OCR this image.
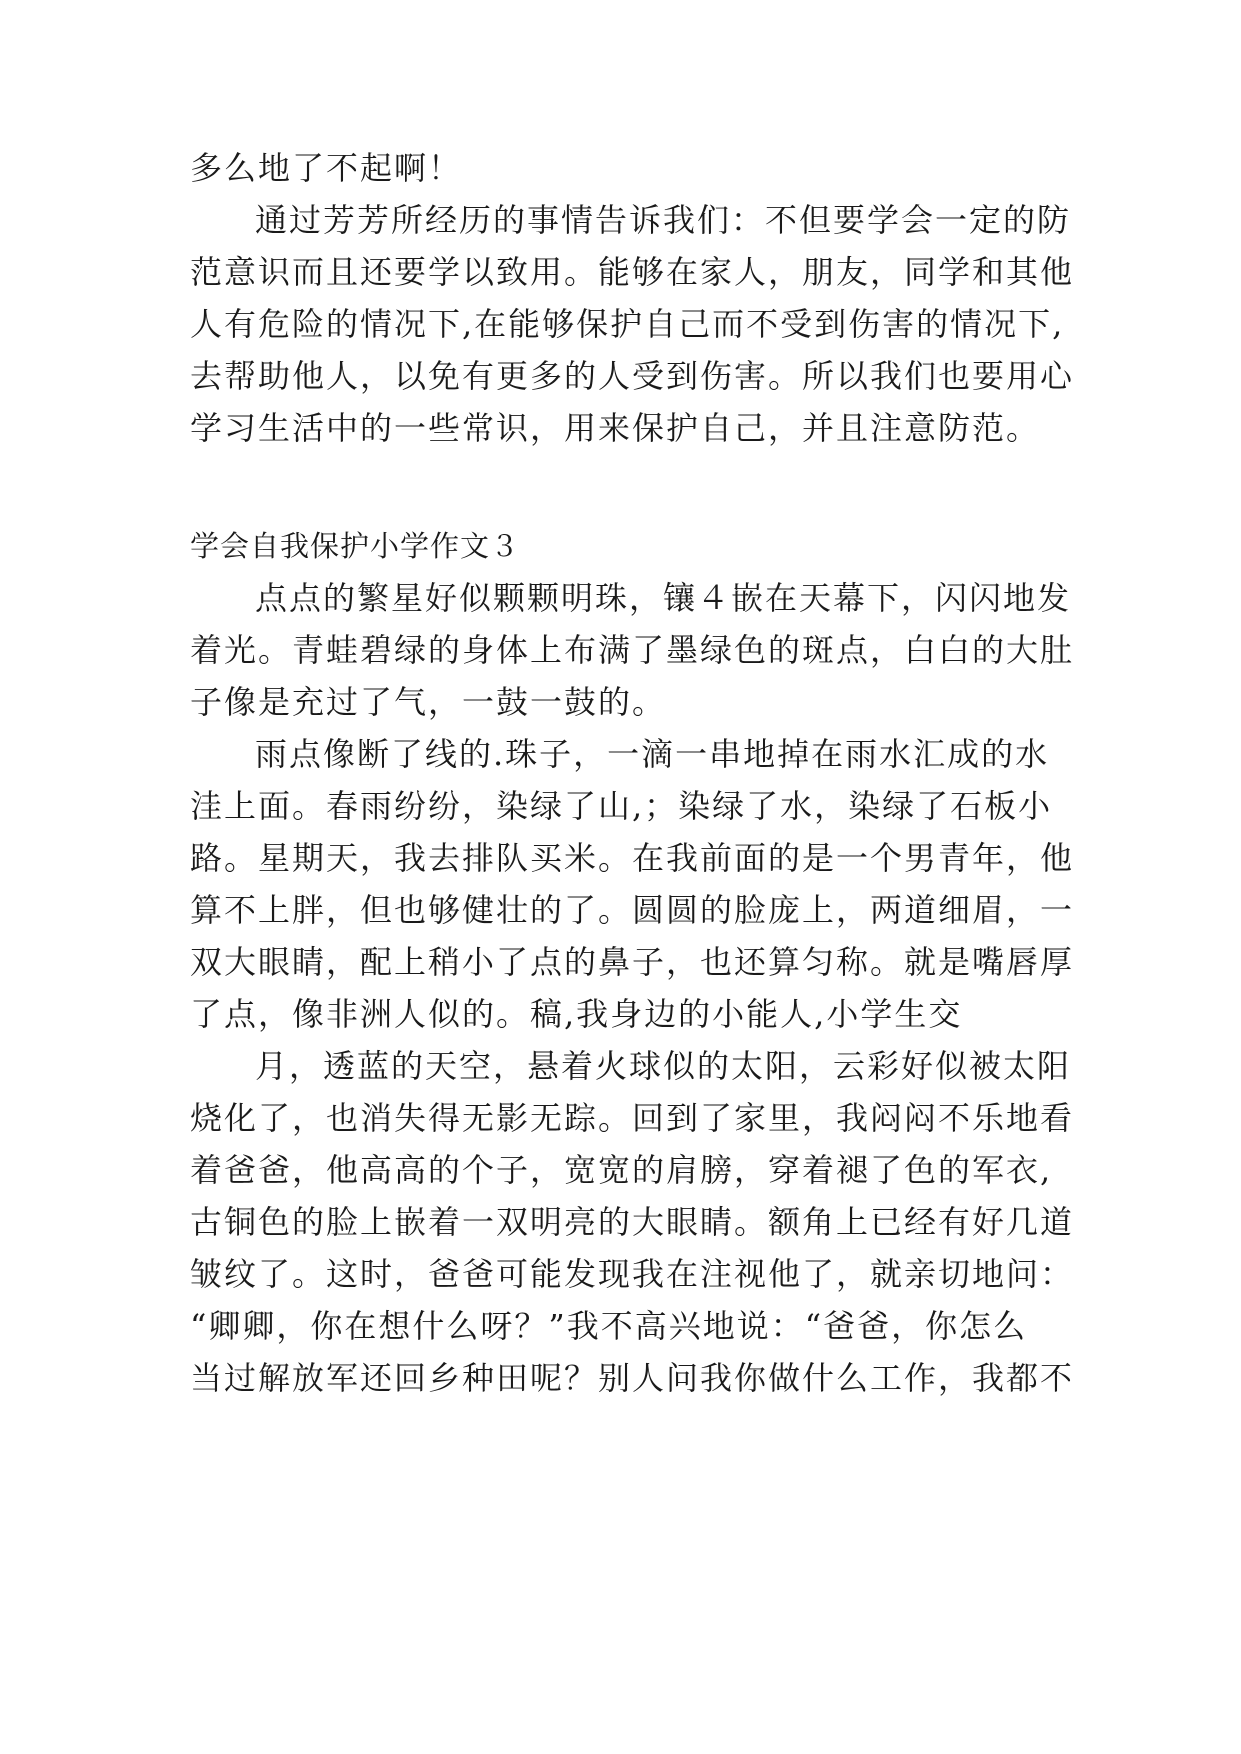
多么地了不起啊！
通过芳芳所经历的事情告诉我们：不但要学会一定的防
范意识而且还要学以致用。能够在家人，朋友，同学和其他
人有危险的情况下,在能够保护自己而不受到伤害的情况下,
去帮助他人，以免有更多的人受到伤害。所以我们也要用心
学习生活中的一些常识，用来保护自己，并且注意防范。
学会自我保护小学作文３
点点的繁星好似颗颗明珠，镶４嵌在天幕下，闪闪地发
着光。青蛙碧绿的身体上布满了墨绿色的斑点，白白的大肚
子像是充过了气，一鼓一鼓的。
雨点像断了线的.珠子，一滴一串地掉在雨水汇成的水
洼上面。春雨纷纷，染绿了山,；染绿了水，染绿了石板小
路。星期天，我去排队买米。在我前面的是一个男青年，他
算不上胖，但也够健壮的了。圆圆的脸庞上，两道细眉，一
双大眼睛，配上稍小了点的鼻子，也还算匀称。就是嘴唇厚
了点，像非洲人似的。稿,我身边的小能人,小学生交
月，透蓝的天空，悬着火球似的太阳，云彩好似被太阳
烧化了，也消失得无影无踪。回到了家里，我闷闷不乐地看
着爸爸，他高高的个子，宽宽的肩膀，穿着褪了色的军衣,
古铜色的脸上嵌着一双明亮的大眼睛。额角上已经有好几道
皱纹了。这时，爸爸可能发现我在注视他了，就亲切地问：
“卿卿，你在想什么呀？”我不高兴地说：“爸爸，你怎么
当过解放军还回乡种田呢？别人问我你做什么工作，我都不
